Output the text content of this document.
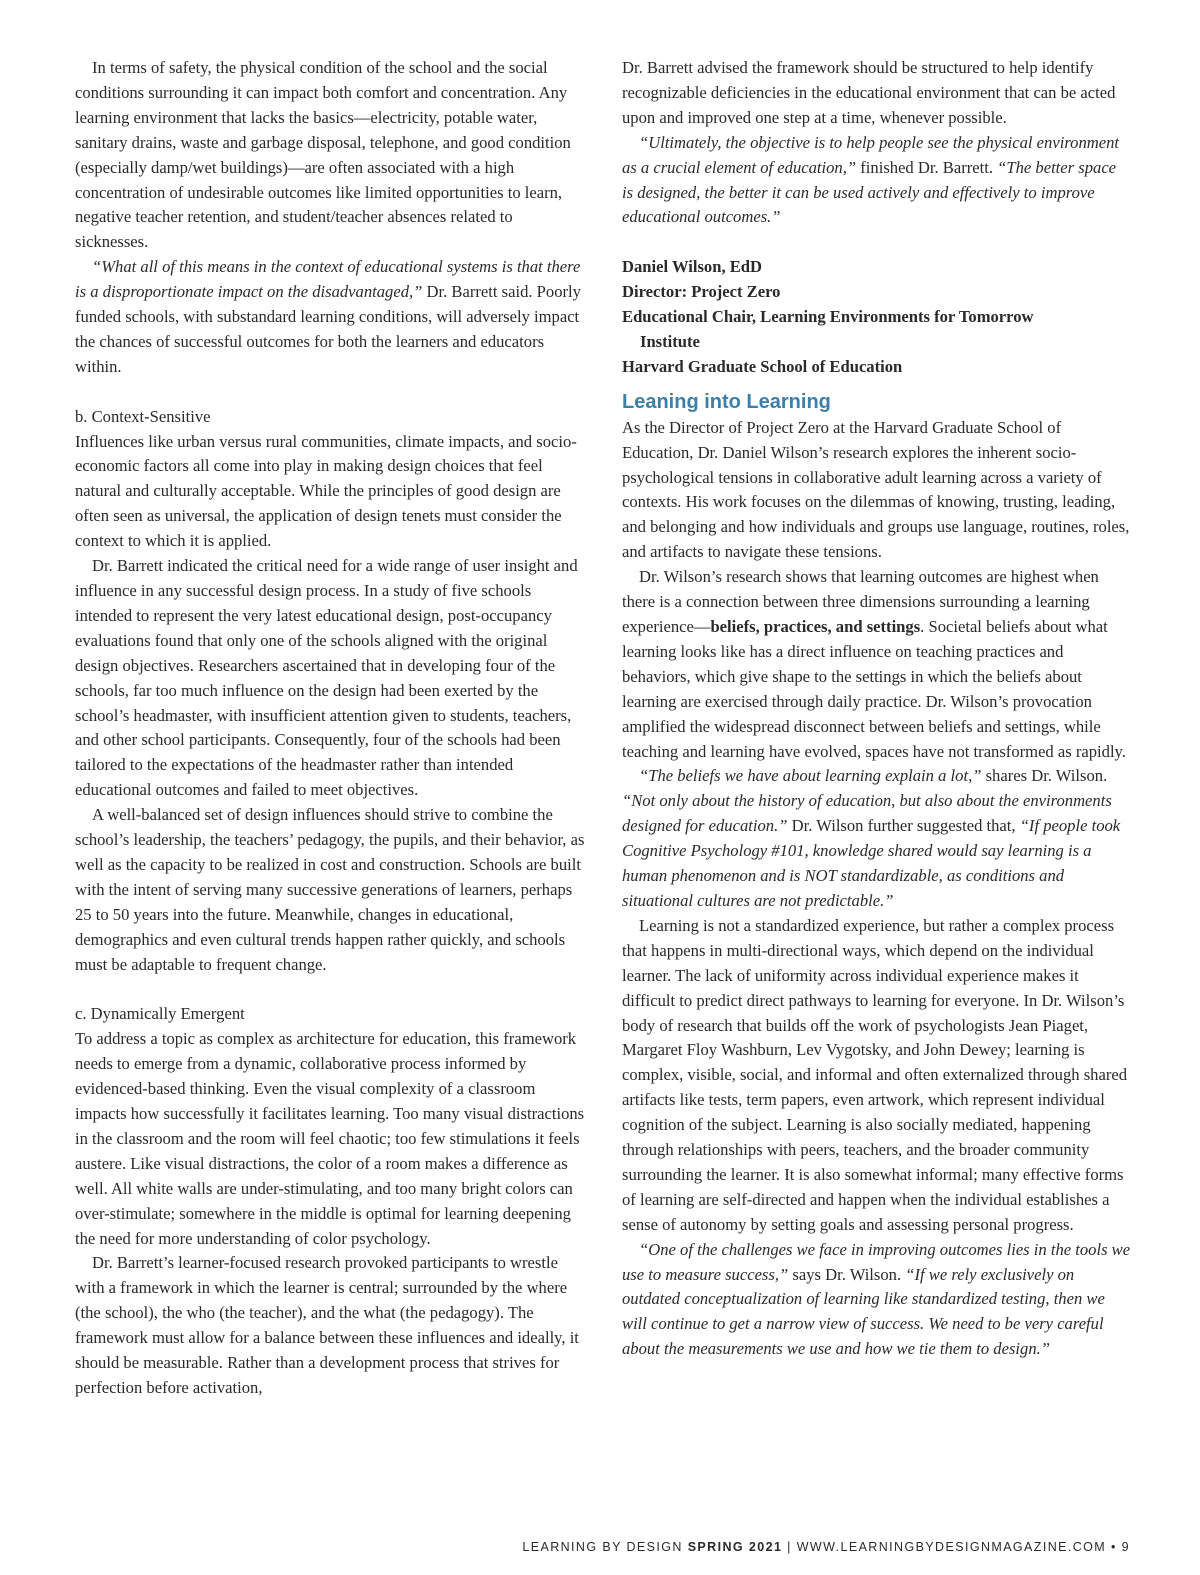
In terms of safety, the physical condition of the school and the social conditions surrounding it can impact both comfort and concentration. Any learning environment that lacks the basics—electricity, potable water, sanitary drains, waste and garbage disposal, telephone, and good condition (especially damp/wet buildings)—are often associated with a high concentration of undesirable outcomes like limited opportunities to learn, negative teacher retention, and student/teacher absences related to sicknesses.

“What all of this means in the context of educational systems is that there is a disproportionate impact on the disadvantaged,” Dr. Barrett said. Poorly funded schools, with substandard learning conditions, will adversely impact the chances of successful outcomes for both the learners and educators within.

b. Context-Sensitive

Influences like urban versus rural communities, climate impacts, and socio-economic factors all come into play in making design choices that feel natural and culturally acceptable. While the principles of good design are often seen as universal, the application of design tenets must consider the context to which it is applied.

Dr. Barrett indicated the critical need for a wide range of user insight and influence in any successful design process. In a study of five schools intended to represent the very latest educational design, post-occupancy evaluations found that only one of the schools aligned with the original design objectives. Researchers ascertained that in developing four of the schools, far too much influence on the design had been exerted by the school’s headmaster, with insufficient attention given to students, teachers, and other school participants. Consequently, four of the schools had been tailored to the expectations of the headmaster rather than intended educational outcomes and failed to meet objectives.

A well-balanced set of design influences should strive to combine the school’s leadership, the teachers’ pedagogy, the pupils, and their behavior, as well as the capacity to be realized in cost and construction. Schools are built with the intent of serving many successive generations of learners, perhaps 25 to 50 years into the future. Meanwhile, changes in educational, demographics and even cultural trends happen rather quickly, and schools must be adaptable to frequent change.

c. Dynamically Emergent

To address a topic as complex as architecture for education, this framework needs to emerge from a dynamic, collaborative process informed by evidenced-based thinking. Even the visual complexity of a classroom impacts how successfully it facilitates learning. Too many visual distractions in the classroom and the room will feel chaotic; too few stimulations it feels austere. Like visual distractions, the color of a room makes a difference as well. All white walls are under-stimulating, and too many bright colors can over-stimulate; somewhere in the middle is optimal for learning deepening the need for more understanding of color psychology.

Dr. Barrett’s learner-focused research provoked participants to wrestle with a framework in which the learner is central; surrounded by the where (the school), the who (the teacher), and the what (the pedagogy). The framework must allow for a balance between these influences and ideally, it should be measurable. Rather than a development process that strives for perfection before activation,

Dr. Barrett advised the framework should be structured to help identify recognizable deficiencies in the educational environment that can be acted upon and improved one step at a time, whenever possible.

“Ultimately, the objective is to help people see the physical environment as a crucial element of education,” finished Dr. Barrett. “The better space is designed, the better it can be used actively and effectively to improve educational outcomes.”

Daniel Wilson, EdD

Director: Project Zero

Educational Chair, Learning Environments for Tomorrow

Institute

Harvard Graduate School of Education

Leaning into Learning

As the Director of Project Zero at the Harvard Graduate School of Education, Dr. Daniel Wilson’s research explores the inherent socio-psychological tensions in collaborative adult learning across a variety of contexts. His work focuses on the dilemmas of knowing, trusting, leading, and belonging and how individuals and groups use language, routines, roles, and artifacts to navigate these tensions.

Dr. Wilson’s research shows that learning outcomes are highest when there is a connection between three dimensions surrounding a learning experience—beliefs, practices, and settings. Societal beliefs about what learning looks like has a direct influence on teaching practices and behaviors, which give shape to the settings in which the beliefs about learning are exercised through daily practice. Dr. Wilson’s provocation amplified the widespread disconnect between beliefs and settings, while teaching and learning have evolved, spaces have not transformed as rapidly.

“The beliefs we have about learning explain a lot,” shares Dr. Wilson. “Not only about the history of education, but also about the environments designed for education.” Dr. Wilson further suggested that, “If people took Cognitive Psychology #101, knowledge shared would say learning is a human phenomenon and is NOT standardizable, as conditions and situational cultures are not predictable.”

Learning is not a standardized experience, but rather a complex process that happens in multi-directional ways, which depend on the individual learner. The lack of uniformity across individual experience makes it difficult to predict direct pathways to learning for everyone. In Dr. Wilson’s body of research that builds off the work of psychologists Jean Piaget, Margaret Floy Washburn, Lev Vygotsky, and John Dewey; learning is complex, visible, social, and informal and often externalized through shared artifacts like tests, term papers, even artwork, which represent individual cognition of the subject. Learning is also socially mediated, happening through relationships with peers, teachers, and the broader community surrounding the learner. It is also somewhat informal; many effective forms of learning are self-directed and happen when the individual establishes a sense of autonomy by setting goals and assessing personal progress.

“One of the challenges we face in improving outcomes lies in the tools we use to measure success,” says Dr. Wilson. “If we rely exclusively on outdated conceptualization of learning like standardized testing, then we will continue to get a narrow view of success. We need to be very careful about the measurements we use and how we tie them to design.”

LEARNING BY DESIGN SPRING 2021 | WWW.LEARNINGBYDESIGNMAGAZINE.COM • 9
